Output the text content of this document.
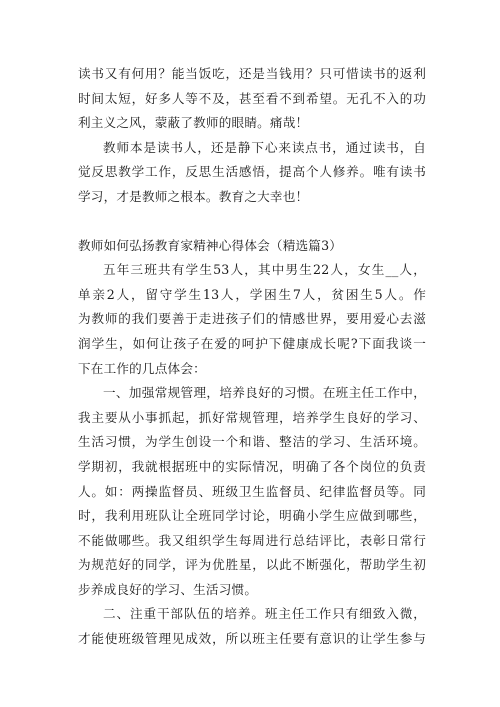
读书又有何用？能当饭吃，还是当钱用？只可惜读书的返利
时间太短，好多人等不及，甚至看不到希望。无孔不入的功
利主义之风，蒙蔽了教师的眼睛。痛哉！
教师本是读书人，还是静下心来读点书，通过读书，自
觉反思教学工作，反思生活感悟，提高个人修养。唯有读书
学习，才是教师之根本。教育之大幸也！
教师如何弘扬教育家精神心得体会（精选篇3）
五年三班共有学生53人，其中男生22人，女生__人，
单亲2人，留守学生13人，学困生7人，贫困生5人。作
为教师的我们要善于走进孩子们的情感世界，要用爱心去滋
润学生，如何让孩子在爱的呵护下健康成长呢?下面我谈一
下在工作的几点体会：
一、加强常规管理，培养良好的习惯。在班主任工作中，
我主要从小事抓起，抓好常规管理，培养学生良好的学习、
生活习惯，为学生创设一个和谐、整洁的学习、生活环境。
学期初，我就根据班中的实际情况，明确了各个岗位的负责
人。如：两操监督员、班级卫生监督员、纪律监督员等。同
时，我利用班队让全班同学讨论，明确小学生应做到哪些，
不能做哪些。我又组织学生每周进行总结评比，表彰日常行
为规范好的同学，评为优胜星，以此不断强化，帮助学生初
步养成良好的学习、生活习惯。
二、注重干部队伍的培养。班主任工作只有细致入微，
才能使班级管理见成效，所以班主任要有意识的让学生参与
